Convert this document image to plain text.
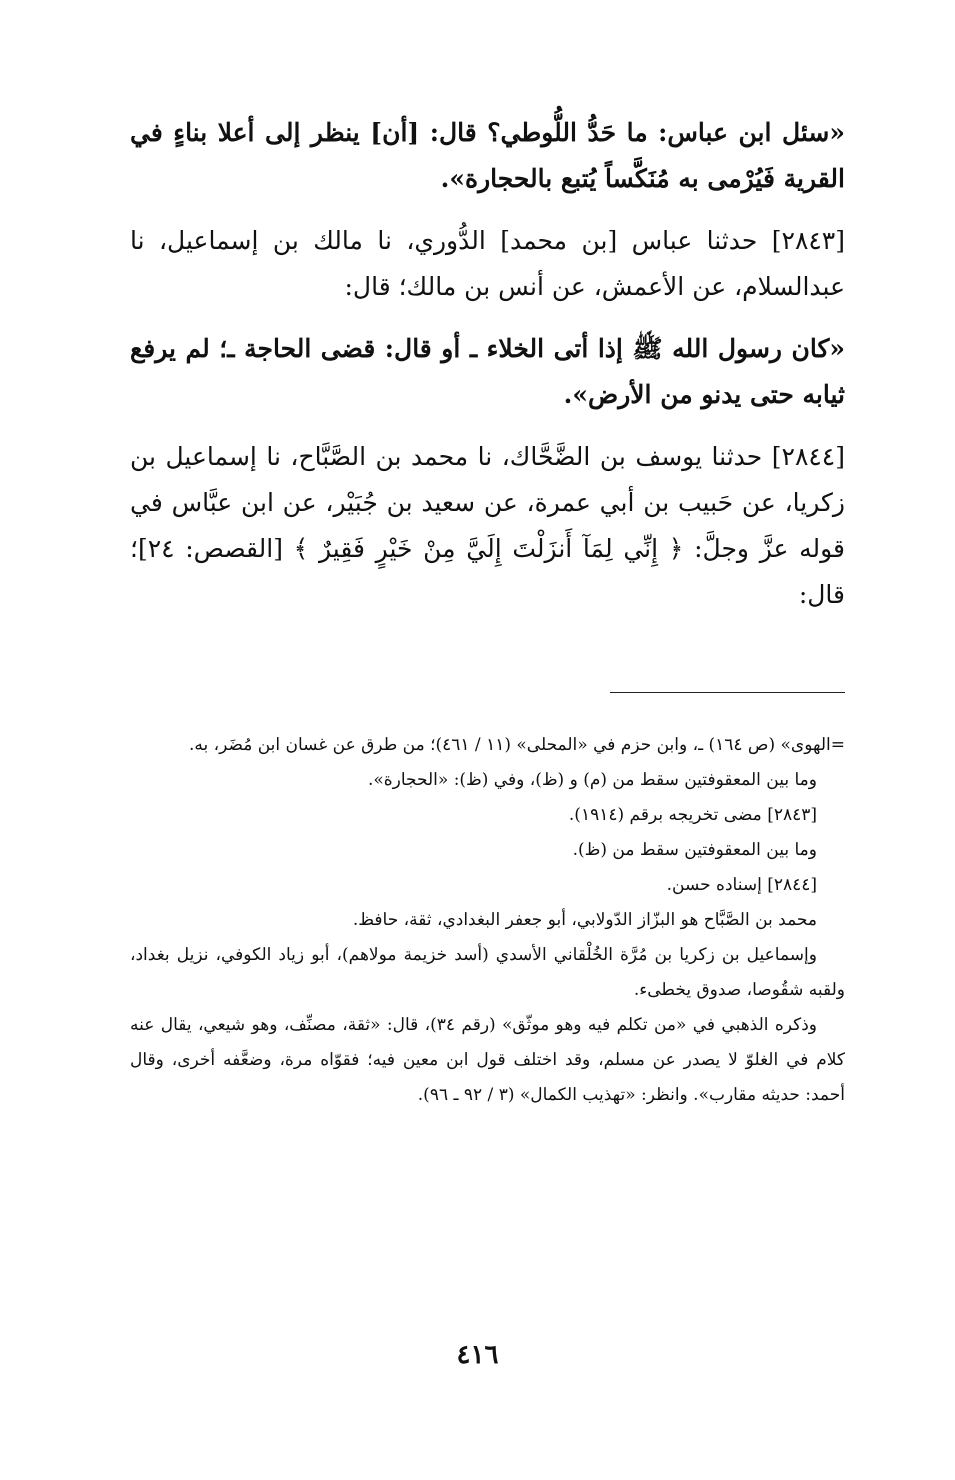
«سئل ابن عباس: ما حَدُّ اللُّوطي؟ قال: [أن] ينظر إلى أعلا بناءٍ في القرية فَيُرْمى به مُنَكَّساً يُتبع بالحجارة».

[٢٨٤٣] حدثنا عباس [بن محمد] الدُّوري، نا مالك بن إسماعيل، نا عبدالسلام، عن الأعمش، عن أنس بن مالك؛ قال:

«كان رسول الله ﷺ إذا أتى الخلاء ـ أو قال: قضى الحاجة ـ؛ لم يرفع ثيابه حتى يدنو من الأرض».

[٢٨٤٤] حدثنا يوسف بن الضَّحَّاك، نا محمد بن الصَّبَّاح، نا إسماعيل بن زكريا، عن حَبيب بن أبي عمرة، عن سعيد بن جُبَيْر، عن ابن عبَّاس في قوله عزَّ وجلَّ: ﴿ إِنِّي لِمَآ أَنزَلْتَ إِلَيَّ مِنْ خَيْرٍ فَقِيرٌ ﴾ [القصص: ٢٤]؛ قال:

=الهوى» (ص ١٦٤) ـ، وابن حزم في «المحلى» (١١ / ٤٦١)؛ من طرق عن غسان ابن مُضَر، به.

وما بين المعقوفتين سقط من (م) و (ظ)، وفي (ظ): «الحجارة».

[٢٨٤٣] مضى تخريجه برقم (١٩١٤).

وما بين المعقوفتين سقط من (ظ).

[٢٨٤٤] إسناده حسن.

محمد بن الصَّبَّاح هو البزّاز الدّولابي، أبو جعفر البغدادي، ثقة، حافظ.

وإسماعيل بن زكريا بن مُرَّة الخُلْقاني الأسدي (أسد خزيمة مولاهم)، أبو زياد الكوفي، نزيل بغداد، ولقبه شقُوصا، صدوق يخطىء.

وذكره الذهبي في «من تكلم فيه وهو موثّق» (رقم ٣٤)، قال: «ثقة، مصنِّف، وهو شيعي، يقال عنه كلام في الغلوّ لا يصدر عن مسلم، وقد اختلف قول ابن معين فيه؛ فقوّاه مرة، وضعَّفه أخرى، وقال أحمد: حديثه مقارب». وانظر: «تهذيب الكمال» (٣ / ٩٢ ـ ٩٦).

٤١٦
